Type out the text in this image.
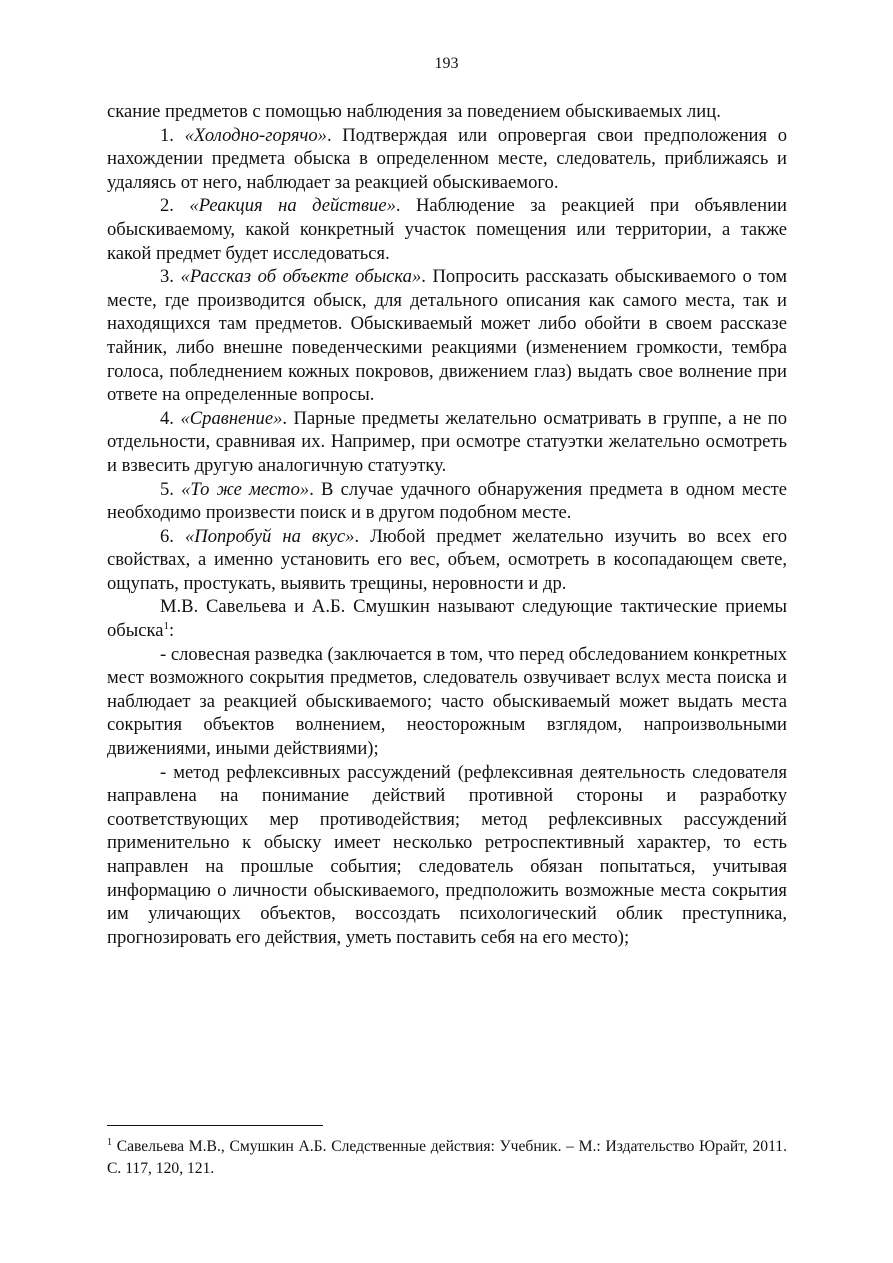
193

скание предметов с помощью наблюдения за поведением обыскиваемых лиц.

1. «Холодно-горячо». Подтверждая или опровергая свои предположения о нахождении предмета обыска в определенном месте, следователь, приближаясь и удаляясь от него, наблюдает за реакцией обыскиваемого.

2. «Реакция на действие». Наблюдение за реакцией при объявлении обыскиваемому, какой конкретный участок помещения или территории, а также какой предмет будет исследоваться.

3. «Рассказ об объекте обыска». Попросить рассказать обыскиваемого о том месте, где производится обыск, для детального описания как самого места, так и находящихся там предметов. Обыскиваемый может либо обойти в своем рассказе тайник, либо внешне поведенческими реакциями (изменением громкости, тембра голоса, побледнением кожных покровов, движением глаз) выдать свое волнение при ответе на определенные вопросы.

4. «Сравнение». Парные предметы желательно осматривать в группе, а не по отдельности, сравнивая их. Например, при осмотре статуэтки желательно осмотреть и взвесить другую аналогичную статуэтку.

5. «То же место». В случае удачного обнаружения предмета в одном месте необходимо произвести поиск и в другом подобном месте.

6. «Попробуй на вкус». Любой предмет желательно изучить во всех его свойствах, а именно установить его вес, объем, осмотреть в косопадающем свете, ощупать, простукать, выявить трещины, неровности и др.

М.В. Савельева и А.Б. Смушкин называют следующие тактические приемы обыска$^1$:

- словесная разведка (заключается в том, что перед обследованием конкретных мест возможного сокрытия предметов, следователь озвучивает вслух места поиска и наблюдает за реакцией обыскиваемого; часто обыскиваемый может выдать места сокрытия объектов волнением, неосторожным взглядом, напроизвольными движениями, иными действиями);

- метод рефлексивных рассуждений (рефлексивная деятельность следователя направлена на понимание действий противной стороны и разработку соответствующих мер противодействия; метод рефлексивных рассуждений применительно к обыску имеет несколько ретроспективный характер, то есть направлен на прошлые события; следователь обязан попытаться, учитывая информацию о личности обыскиваемого, предположить возможные места сокрытия им уличающих объектов, воссоздать психологический облик преступника, прогнозировать его действия, уметь поставить себя на его место);

$^1$ Савельева М.В., Смушкин А.Б. Следственные действия: Учебник. – М.: Издательство Юрайт, 2011. С. 117, 120, 121.
